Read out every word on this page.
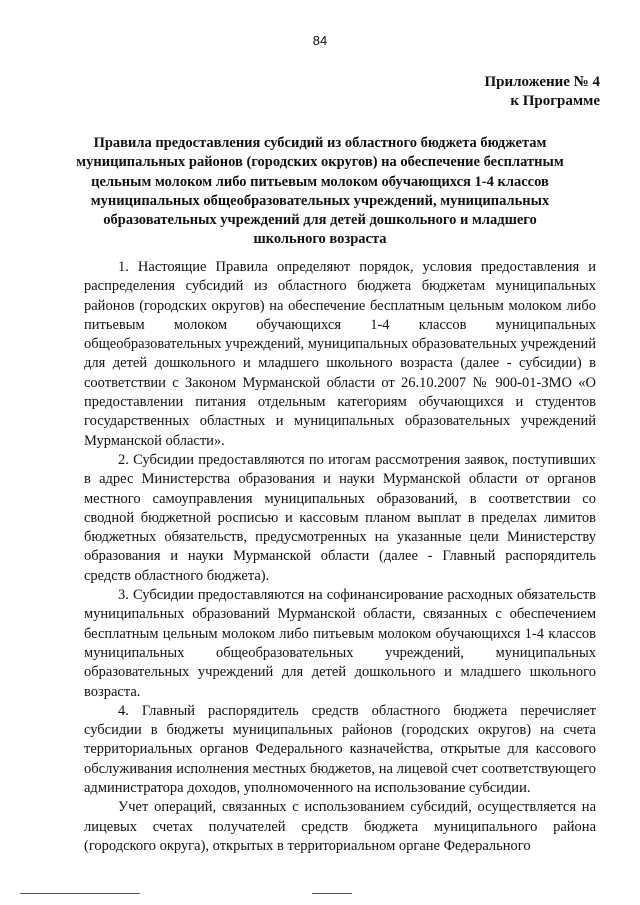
84
Приложение № 4
к Программе
Правила предоставления субсидий из областного бюджета бюджетам муниципальных районов (городских округов) на обеспечение бесплатным цельным молоком либо питьевым молоком обучающихся 1-4 классов муниципальных общеобразовательных учреждений, муниципальных образовательных учреждений для детей дошкольного и младшего школьного возраста

1. Настоящие Правила определяют порядок, условия предоставления и распределения субсидий из областного бюджета бюджетам муниципальных районов (городских округов) на обеспечение бесплатным цельным молоком либо питьевым молоком обучающихся 1-4 классов муниципальных общеобразовательных учреждений, муниципальных образовательных учреждений для детей дошкольного и младшего школьного возраста (далее - субсидии) в соответствии с Законом Мурманской области от 26.10.2007 № 900-01-ЗМО «О предоставлении питания отдельным категориям обучающихся и студентов государственных областных и муниципальных образовательных учреждений Мурманской области».

2. Субсидии предоставляются по итогам рассмотрения заявок, поступивших в адрес Министерства образования и науки Мурманской области от органов местного самоуправления муниципальных образований, в соответствии со сводной бюджетной росписью и кассовым планом выплат в пределах лимитов бюджетных обязательств, предусмотренных на указанные цели Министерству образования и науки Мурманской области (далее - Главный распорядитель средств областного бюджета).

3. Субсидии предоставляются на софинансирование расходных обязательств муниципальных образований Мурманской области, связанных с обеспечением бесплатным цельным молоком либо питьевым молоком обучающихся 1-4 классов муниципальных общеобразовательных учреждений, муниципальных образовательных учреждений для детей дошкольного и младшего школьного возраста.

4. Главный распорядитель средств областного бюджета перечисляет субсидии в бюджеты муниципальных районов (городских округов) на счета территориальных органов Федерального казначейства, открытые для кассового обслуживания исполнения местных бюджетов, на лицевой счет соответствующего администратора доходов, уполномоченного на использование субсидии.

Учет операций, связанных с использованием субсидий, осуществляется на лицевых счетах получателей средств бюджета муниципального района (городского округа), открытых в территориальном органе Федерального
